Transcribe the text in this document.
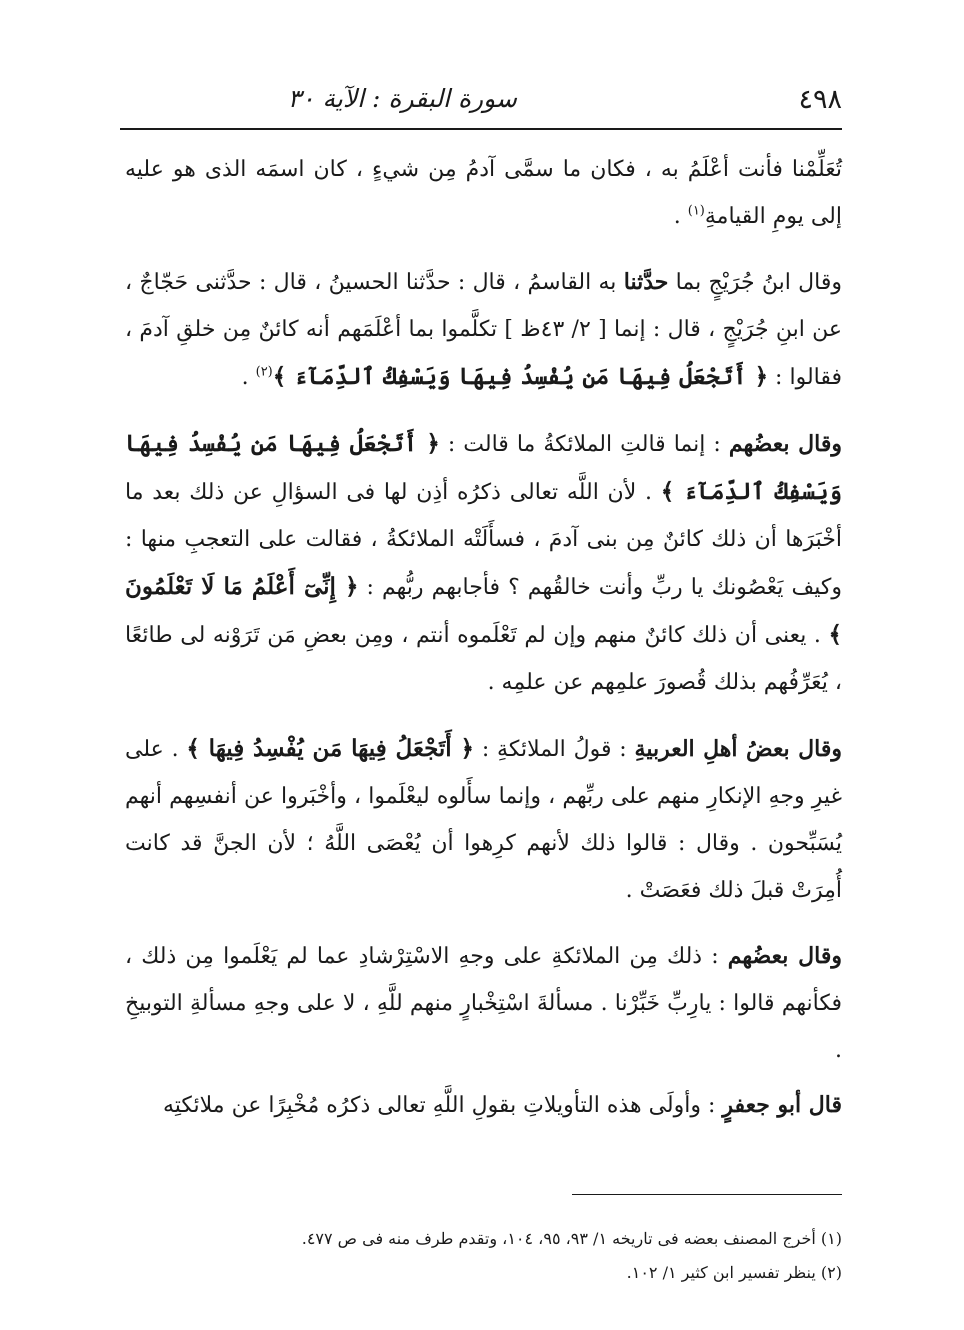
٤٩٨
سورة البقرة : الآية ٣٠

تُعَلِّمْنا فأنت أعْلَمُ به ، فكان ما سمَّى آدمُ مِن شيءٍ ، كان اسمَه الذى هو عليه إلى يومِ القيامةِ$^{(١)}$ .

وقال ابنُ جُرَيْجٍ بما حدَّثنا به القاسمُ ، قال : حدَّثنا الحسينُ ، قال : حدَّثنى حَجّاجٌ ، عن ابنِ جُرَيْجٍ ، قال : إنما [ ٢/ ٤٣ظ ] تكلَّموا بما أعْلَمَهم أنه كائنٌ مِن خلقِ آدمَ ، فقالوا : ﴿ أَتَجْعَلُ فِيهَا مَن يُفْسِدُ فِيهَا وَيَسْفِكُ ٱلدِّمَآءَ ﴾$^{(٢)}$ .

وقال بعضُهم : إنما قالتِ الملائكةُ ما قالت : ﴿ أَتَجْعَلُ فِيهَا مَن يُفْسِدُ فِيهَا وَيَسْفِكُ ٱلدِّمَآءَ ﴾ . لأن اللَّه تعالى ذكرُه أذِن لها فى السؤالِ عن ذلك بعد ما أخْبَرَها أن ذلك كائنٌ مِن بنى آدمَ ، فسأَلَتْه الملائكةُ ، فقالت على التعجبِ منها : وكيف يَعْصُونك يا ربِّ وأنت خالقُهم ؟ فأجابهم ربُّهم : ﴿ إِنِّىٓ أَعْلَمُ مَا لَا تَعْلَمُونَ ﴾ . يعنى أن ذلك كائنٌ منهم وإن لم تَعْلَموه أنتم ، ومِن بعضِ مَن تَرَوْنه لى طائعًا ، يُعَرِّفُهم بذلك قُصورَ علمِهم عن علمِه .

وقال بعضُ أهلِ العربيةِ : قولُ الملائكةِ : ﴿ أَتَجْعَلُ فِيهَا مَن يُفْسِدُ فِيهَا ﴾ . على غيرِ وجهِ الإنكارِ منهم على ربِّهم ، وإنما سأَلوه ليعْلَموا ، وأخْبَروا عن أنفسِهم أنهم يُسَبِّحون . وقال : قالوا ذلك لأنهم كرِهوا أن يُعْصَى اللَّهُ ؛ لأن الجنَّ قد كانت أُمِرَتْ قبلَ ذلك فعَصَتْ .

وقال بعضُهم : ذلك مِن الملائكةِ على وجهِ الاسْتِرْشادِ عما لم يَعْلَموا مِن ذلك ، فكأنهم قالوا : يارِبِّ خَبِّرْنا . مسألةَ اسْتِخْبارٍ منهم للَّهِ ، لا على وجهِ مسألةِ التوبيخِ .

قال أبو جعفرٍ : وأولَى هذه التأويلاتِ بقولِ اللَّهِ تعالى ذكرُه مُخْبِرًا عن ملائكتِه

(١) أخرج المصنف بعضه فى تاريخه ١/ ٩٣، ٩٥، ١٠٤، وتقدم طرف منه فى ص ٤٧٧.

(٢) ينظر تفسير ابن كثير ١/ ١٠٢.
